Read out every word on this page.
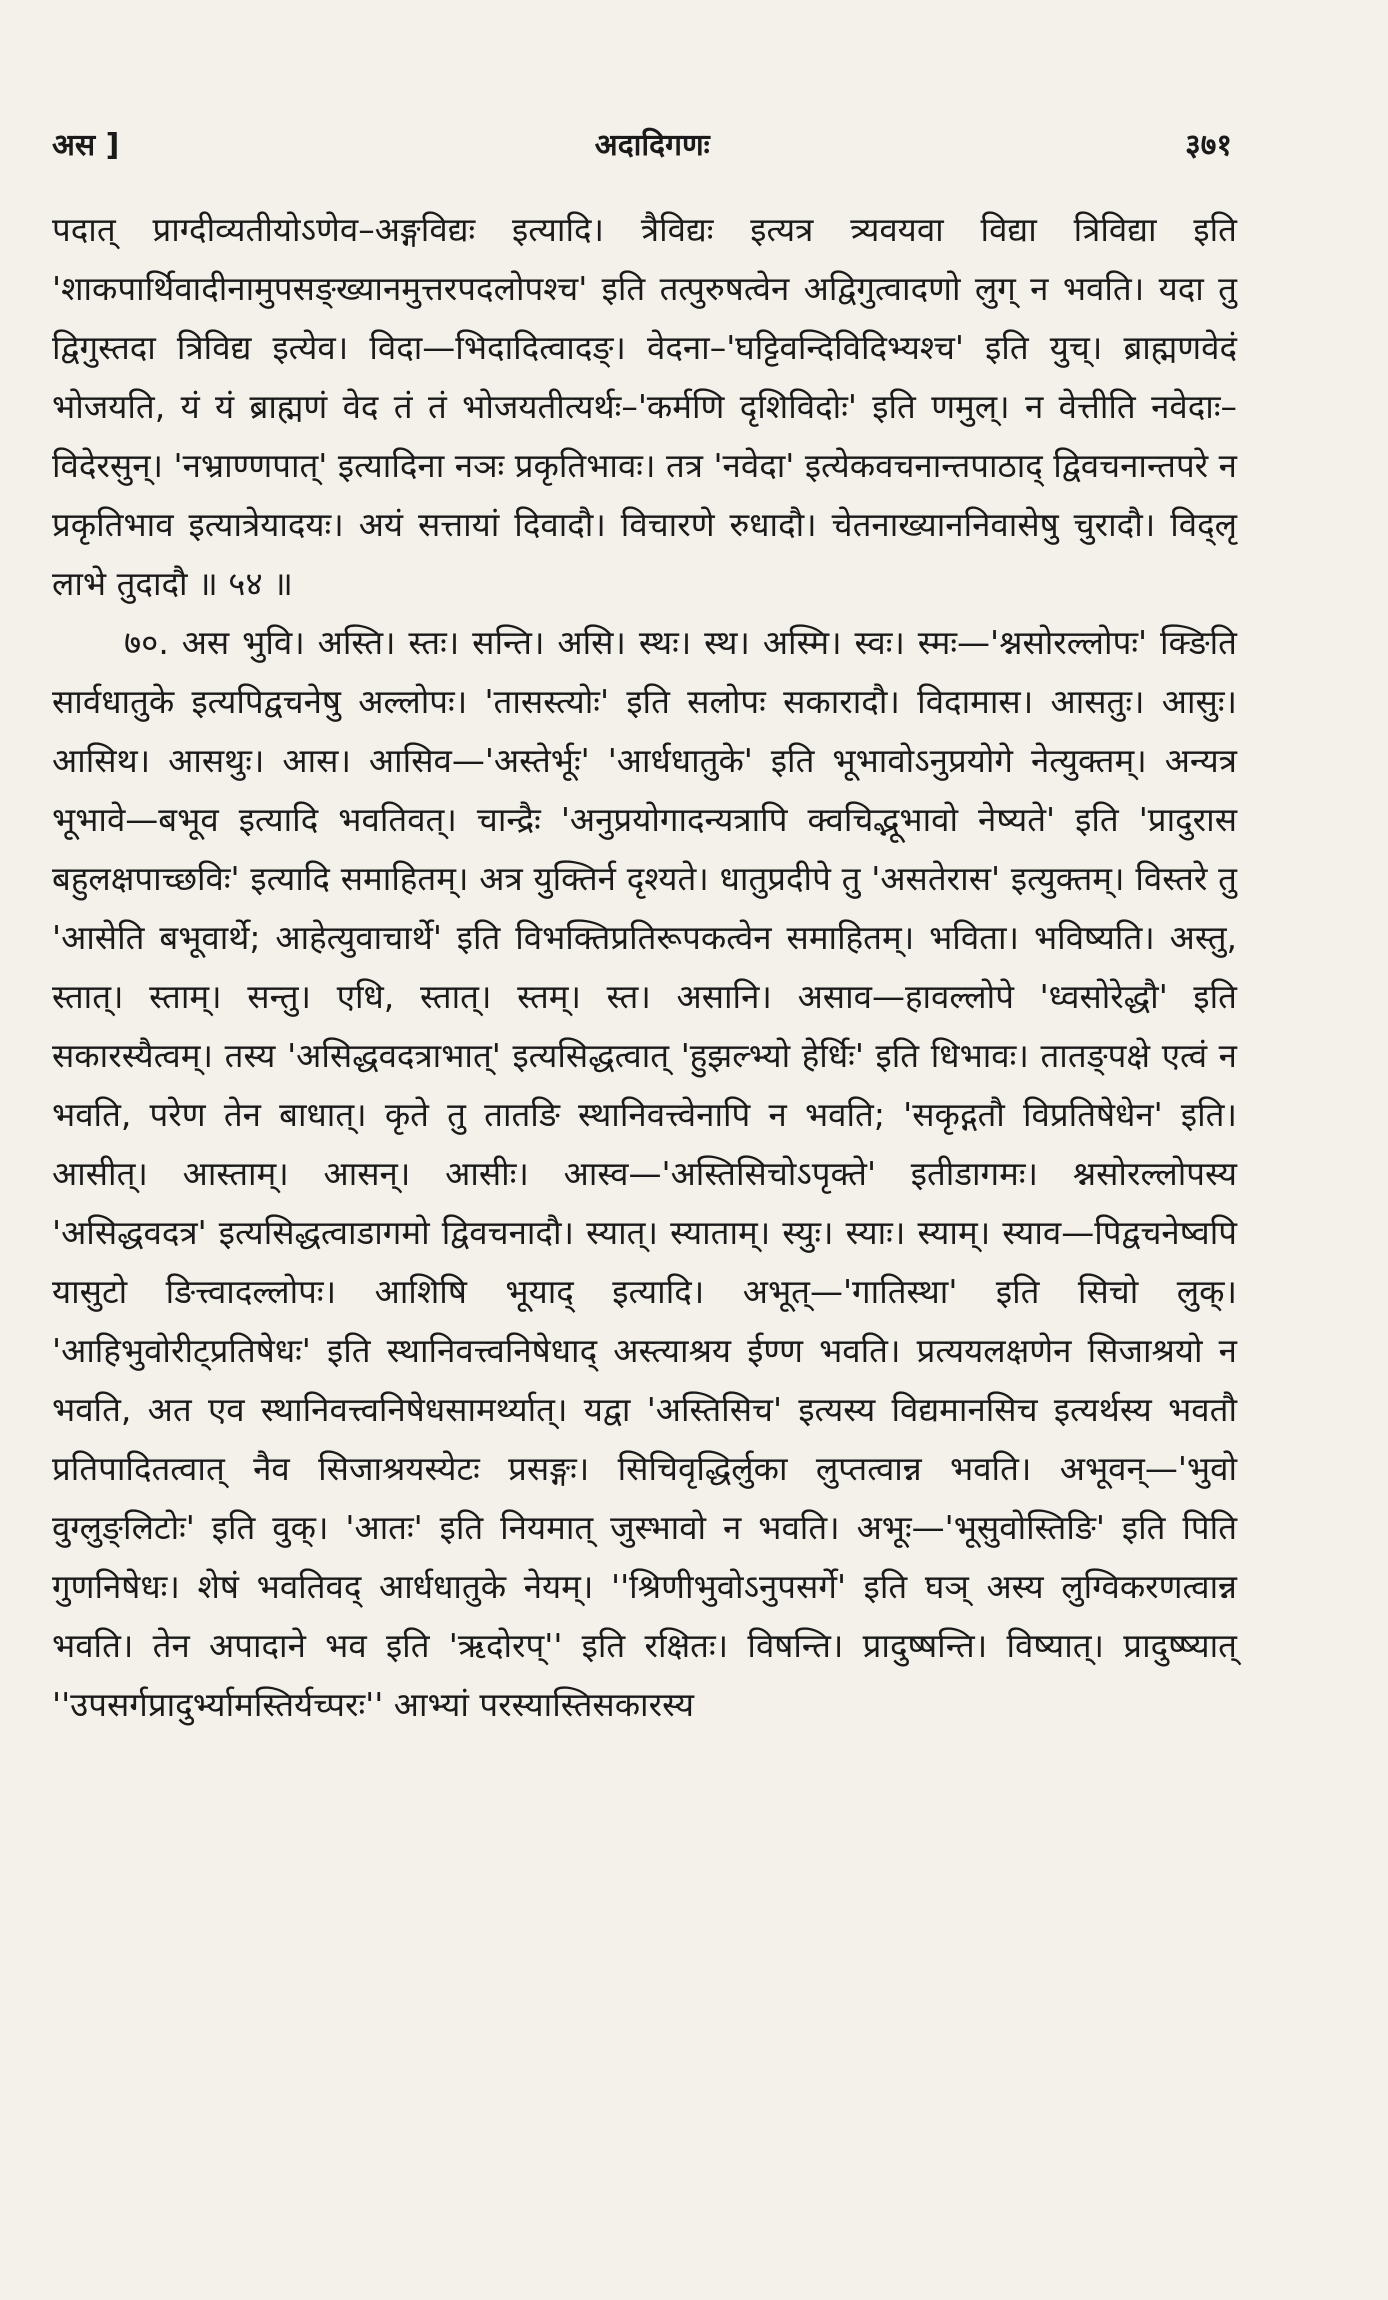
अस ]	अदादिगणः	३७१

पदात् प्राग्दीव्यतीयोऽणेव–अङ्गविद्यः इत्यादि। त्रैविद्यः इत्यत्र त्र्यवयवा विद्या त्रिविद्या इति 'शाकपार्थिवादीनामुपसङ्ख्यानमुत्तरपदलोपश्च' इति तत्पुरुषत्वेन अद्विगुत्वादणो लुग् न भवति। यदा तु द्विगुस्तदा त्रिविद्य इत्येव। विदा—भिदादित्वादङ्। वेदना–'घट्टिवन्दिविदिभ्यश्च' इति युच्। ब्राह्मणवेदं भोजयति, यं यं ब्राह्मणं वेद तं तं भोजयतीत्यर्थः–'कर्मणि दृशिविदोः' इति णमुल्। न वेत्तीति नवेदाः–विदेरसुन्। 'नभ्राण्णपात्' इत्यादिना नञः प्रकृतिभावः। तत्र 'नवेदा' इत्येकवचनान्तपाठाद् द्विवचनान्तपरे न प्रकृतिभाव इत्यात्रेयादयः। अयं सत्तायां दिवादौ। विचारणे रुधादौ। चेतनाख्याननिवासेषु चुरादौ। विद्लृ लाभे तुदादौ ॥ ५४ ॥

७०. अस भुवि। अस्ति। स्तः। सन्ति। असि। स्थः। स्थ। अस्मि। स्वः। स्मः—'श्नसोरल्लोपः' क्ङिति सार्वधातुके इत्यपिद्वचनेषु अल्लोपः। 'तासस्त्योः' इति सलोपः सकारादौ। विदामास। आसतुः। आसुः। आसिथ। आसथुः। आस। आसिव—'अस्तेर्भूः' 'आर्धधातुके' इति भूभावोऽनुप्रयोगे नेत्युक्तम्। अन्यत्र भूभावे—बभूव इत्यादि भवतिवत्। चान्द्रैः 'अनुप्रयोगादन्यत्रापि क्वचिद्भूभावो नेष्यते' इति 'प्रादुरास बहुलक्षपाच्छविः' इत्यादि समाहितम्। अत्र युक्तिर्न दृश्यते। धातुप्रदीपे तु 'असतेरास' इत्युक्तम्। विस्तरे तु 'आसेति बभूवार्थे; आहेत्युवाचार्थे' इति विभक्तिप्रतिरूपकत्वेन समाहितम्। भविता। भविष्यति। अस्तु, स्तात्। स्ताम्। सन्तु। एधि, स्तात्। स्तम्। स्त। असानि। असाव—हावल्लोपे 'ध्वसोरेद्धौ' इति सकारस्यैत्वम्। तस्य 'असिद्धवदत्राभात्' इत्यसिद्धत्वात् 'हुझल्भ्यो हेर्धिः' इति धिभावः। तातङ्पक्षे एत्वं न भवति, परेण तेन बाधात्। कृते तु तातङि स्थानिवत्त्वेनापि न भवति; 'सकृद्गतौ विप्रतिषेधेन' इति। आसीत्। आस्ताम्। आसन्। आसीः। आस्व—'अस्तिसिचोऽपृक्ते' इतीडागमः। श्नसोरल्लोपस्य 'असिद्धवदत्र' इत्यसिद्धत्वाडागमो द्विवचनादौ। स्यात्। स्याताम्। स्युः। स्याः। स्याम्। स्याव—पिद्वचनेष्वपि यासुटो ङित्त्वादल्लोपः। आशिषि भूयाद् इत्यादि। अभूत्—'गातिस्था' इति सिचो लुक्। 'आहिभुवोरीट्प्रतिषेधः' इति स्थानिवत्त्वनिषेधाद् अस्त्याश्रय ईण्ण भवति। प्रत्ययलक्षणेन सिजाश्रयो न भवति, अत एव स्थानिवत्त्वनिषेधसामर्थ्यात्। यद्वा 'अस्तिसिच' इत्यस्य विद्यमानसिच इत्यर्थस्य भवतौ प्रतिपादितत्वात् नैव सिजाश्रयस्येटः प्रसङ्गः। सिचिवृद्धिर्लुका लुप्तत्वान्न भवति। अभूवन्—'भुवो वुग्लुङ्लिटोः' इति वुक्। 'आतः' इति नियमात् जुस्भावो न भवति। अभूः—'भूसुवोस्तिङि' इति पिति गुणनिषेधः। शेषं भवतिवद् आर्धधातुके नेयम्। ''श्रिणीभुवोऽनुपसर्गे' इति घञ् अस्य लुग्विकरणत्वान्न भवति। तेन अपादाने भव इति 'ऋदोरप्'' इति रक्षितः। विषन्ति। प्रादुष्षन्ति। विष्यात्। प्रादुष्ष्यात् ''उपसर्गप्रादुर्भ्यामस्तिर्यच्परः'' आभ्यां परस्यास्तिसकारस्य
